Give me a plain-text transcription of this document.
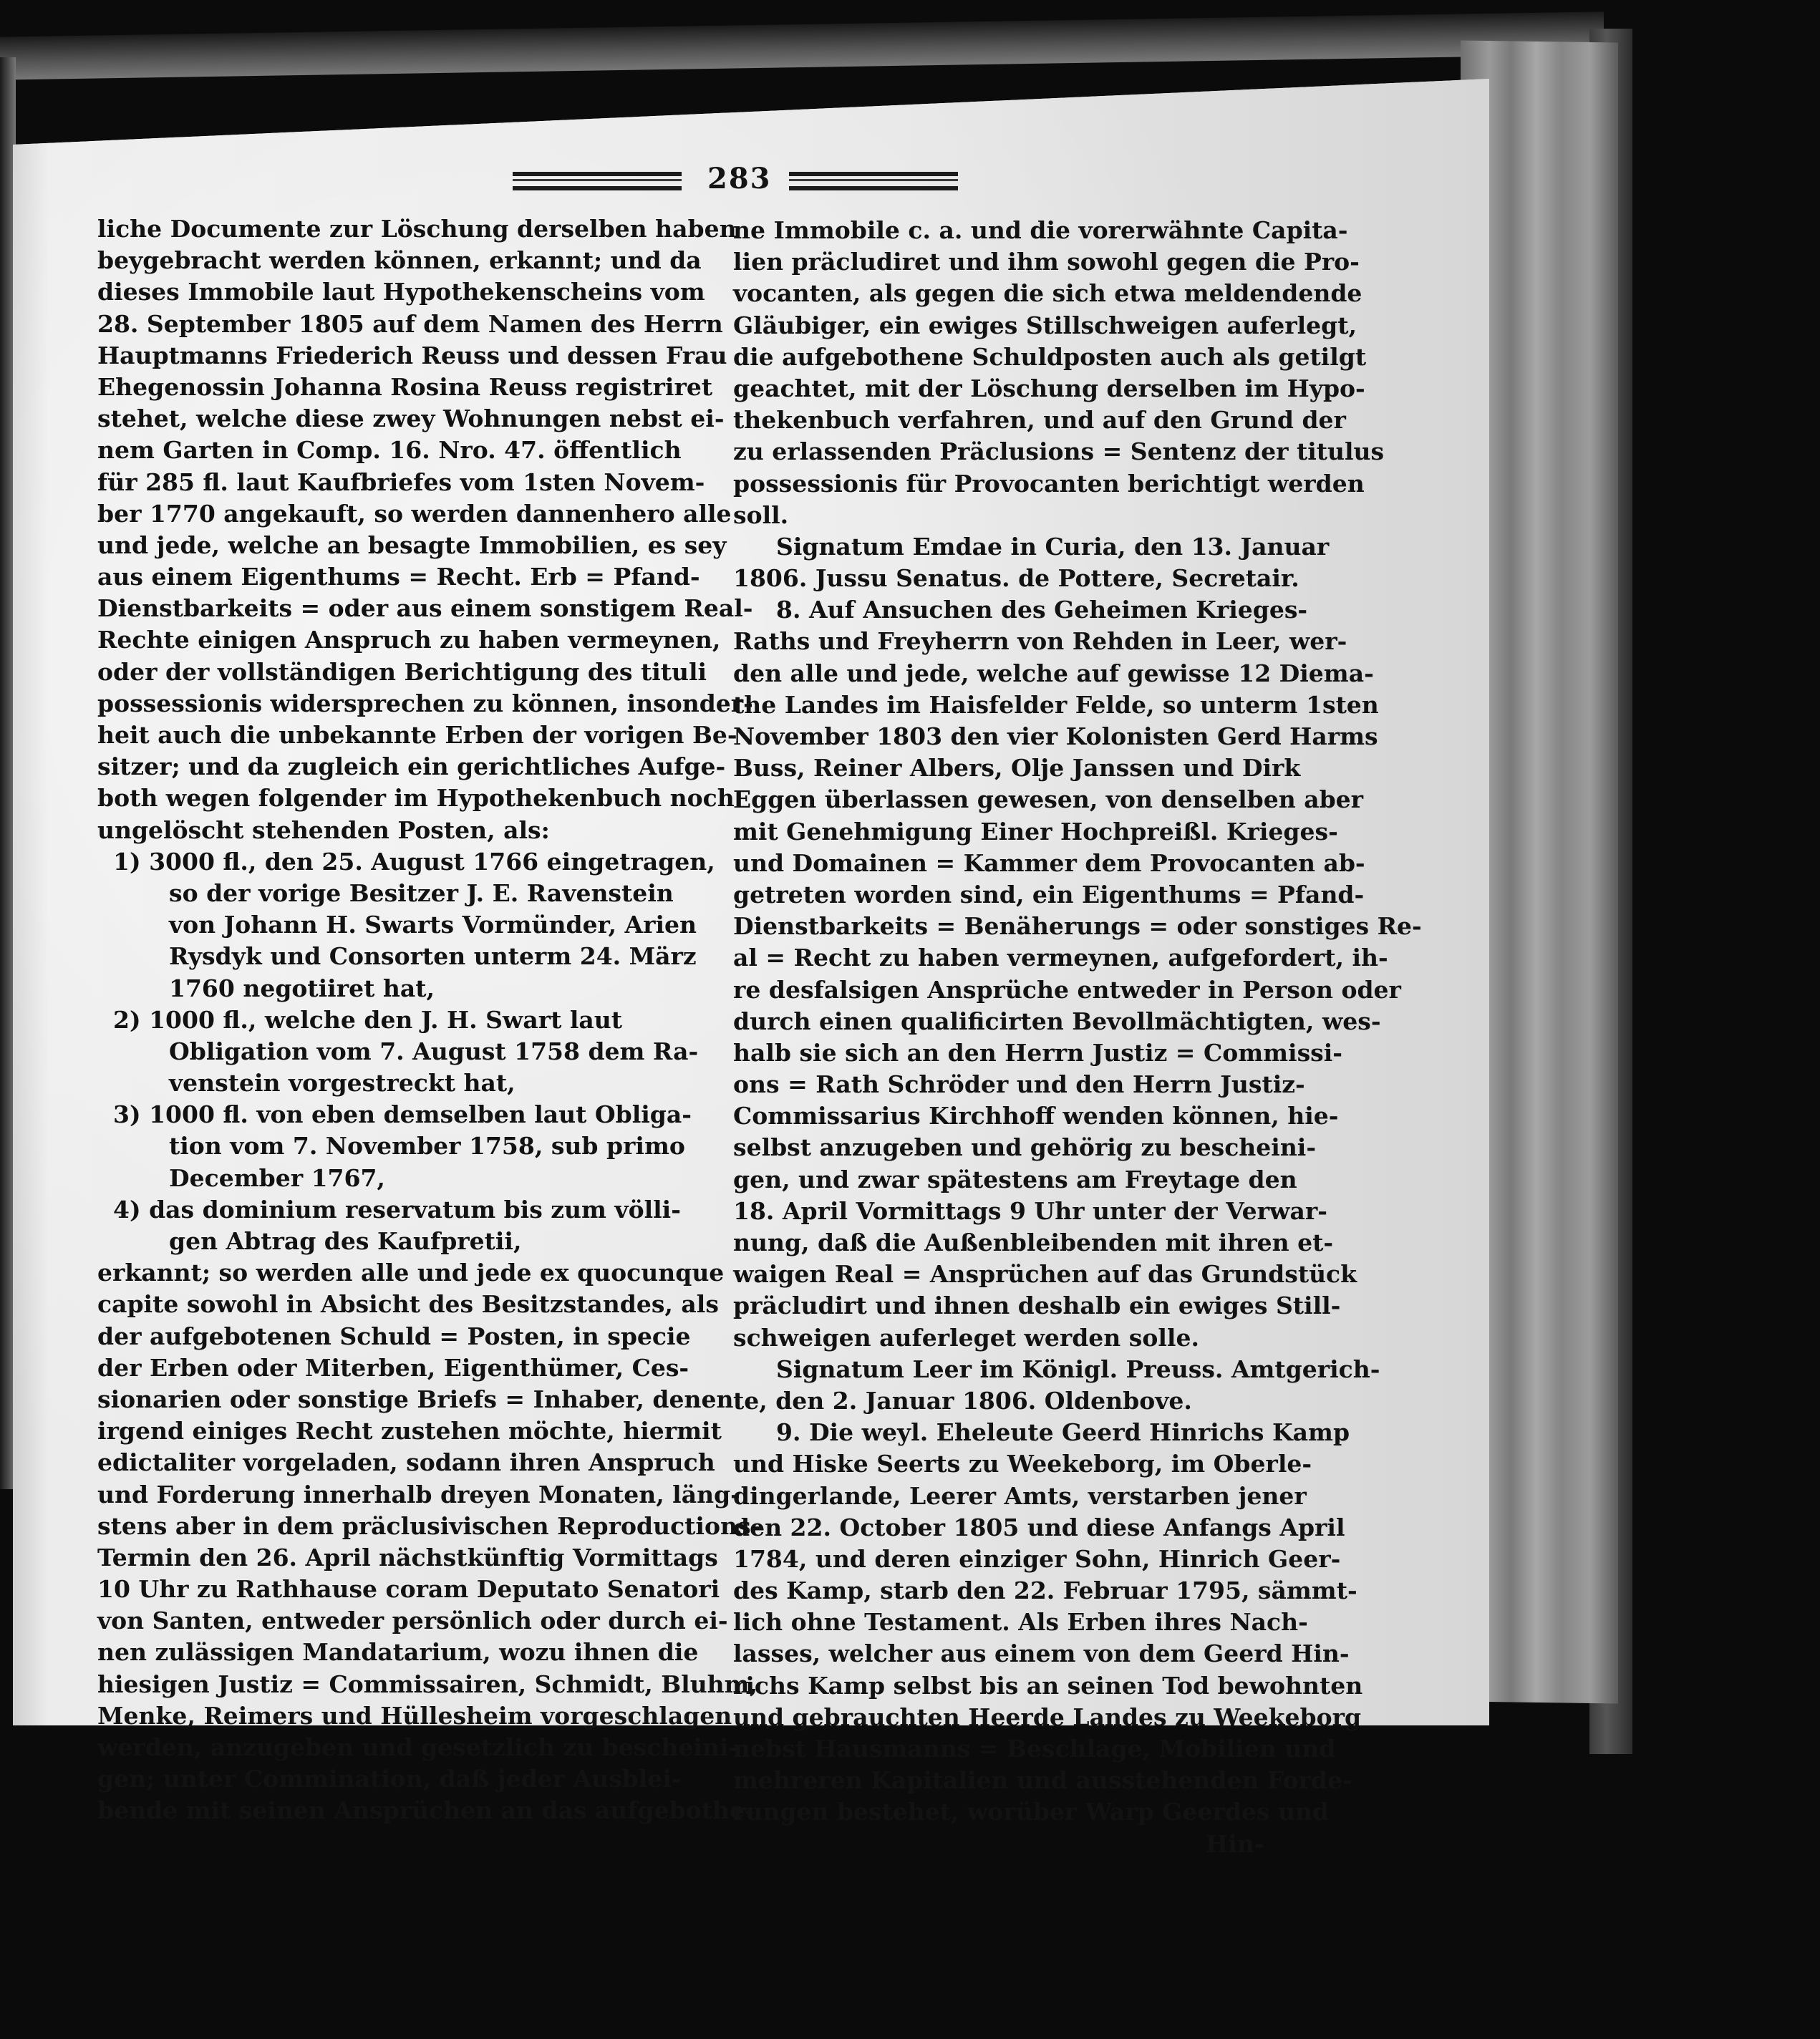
283
liche Documente zur Löschung derselben haben
beygebracht werden können, erkannt; und da
dieses Immobile laut Hypothekenscheins vom
28. September 1805 auf dem Namen des Herrn
Hauptmanns Friederich Reuss und dessen Frau
Ehegenossin Johanna Rosina Reuss registriret
stehet, welche diese zwey Wohnungen nebst ei-
nem Garten in Comp. 16. Nro. 47. öffentlich
für 285 fl. laut Kaufbriefes vom 1sten Novem-
ber 1770 angekauft, so werden dannenhero alle
und jede, welche an besagte Immobilien, es sey
aus einem Eigenthums = Recht. Erb = Pfand-
Dienstbarkeits = oder aus einem sonstigem Real-
Rechte einigen Anspruch zu haben vermeynen,
oder der vollständigen Berichtigung des tituli
possessionis widersprechen zu können, insonder-
heit auch die unbekannte Erben der vorigen Be-
sitzer; und da zugleich ein gerichtliches Aufge-
both wegen folgender im Hypothekenbuch noch
ungelöscht stehenden Posten, als:
1) 3000 fl., den 25. August 1766 eingetragen,
so der vorige Besitzer J. E. Ravenstein
von Johann H. Swarts Vormünder, Arien
Rysdyk und Consorten unterm 24. März
1760 negotiiret hat,
2) 1000 fl., welche den J. H. Swart laut
Obligation vom 7. August 1758 dem Ra-
venstein vorgestreckt hat,
3) 1000 fl. von eben demselben laut Obliga-
tion vom 7. November 1758, sub primo
December 1767,
4) das dominium reservatum bis zum völli-
gen Abtrag des Kaufpretii,
erkannt; so werden alle und jede ex quocunque
capite sowohl in Absicht des Besitzstandes, als
der aufgebotenen Schuld = Posten, in specie
der Erben oder Miterben, Eigenthümer, Ces-
sionarien oder sonstige Briefs = Inhaber, denen
irgend einiges Recht zustehen möchte, hiermit
edictaliter vorgeladen, sodann ihren Anspruch
und Forderung innerhalb dreyen Monaten, läng-
stens aber in dem präclusivischen Reproductions-
Termin den 26. April nächstkünftig Vormittags
10 Uhr zu Rathhause coram Deputato Senatori
von Santen, entweder persönlich oder durch ei-
nen zulässigen Mandatarium, wozu ihnen die
hiesigen Justiz = Commissairen, Schmidt, Bluhm,
Menke, Reimers und Hüllesheim vorgeschlagen
werden, anzugeben und gesetzlich zu bescheini-
gen; unter Commination, daß jeder Ausblei-
bende mit seinen Ansprüchen an das aufgebothe-
ne Immobile c. a. und die vorerwähnte Capita-
lien präcludiret und ihm sowohl gegen die Pro-
vocanten, als gegen die sich etwa meldendende
Gläubiger, ein ewiges Stillschweigen auferlegt,
die aufgebothene Schuldposten auch als getilgt
geachtet, mit der Löschung derselben im Hypo-
thekenbuch verfahren, und auf den Grund der
zu erlassenden Präclusions = Sentenz der titulus
possessionis für Provocanten berichtigt werden
soll.
Signatum Emdae in Curia, den 13. Januar
1806. Jussu Senatus. de Pottere, Secretair.
8. Auf Ansuchen des Geheimen Krieges-
Raths und Freyherrn von Rehden in Leer, wer-
den alle und jede, welche auf gewisse 12 Diema-
the Landes im Haisfelder Felde, so unterm 1sten
November 1803 den vier Kolonisten Gerd Harms
Buss, Reiner Albers, Olje Janssen und Dirk
Eggen überlassen gewesen, von denselben aber
mit Genehmigung Einer Hochpreißl. Krieges-
und Domainen = Kammer dem Provocanten ab-
getreten worden sind, ein Eigenthums = Pfand-
Dienstbarkeits = Benäherungs = oder sonstiges Re-
al = Recht zu haben vermeynen, aufgefordert, ih-
re desfalsigen Ansprüche entweder in Person oder
durch einen qualificirten Bevollmächtigten, wes-
halb sie sich an den Herrn Justiz = Commissi-
ons = Rath Schröder und den Herrn Justiz-
Commissarius Kirchhoff wenden können, hie-
selbst anzugeben und gehörig zu bescheini-
gen, und zwar spätestens am Freytage den
18. April Vormittags 9 Uhr unter der Verwar-
nung, daß die Außenbleibenden mit ihren et-
waigen Real = Ansprüchen auf das Grundstück
präcludirt und ihnen deshalb ein ewiges Still-
schweigen auferleget werden solle.
Signatum Leer im Königl. Preuss. Amtgerich-
te, den 2. Januar 1806. Oldenbove.
9. Die weyl. Eheleute Geerd Hinrichs Kamp
und Hiske Seerts zu Weekeborg, im Oberle-
dingerlande, Leerer Amts, verstarben jener
den 22. October 1805 und diese Anfangs April
1784, und deren einziger Sohn, Hinrich Geer-
des Kamp, starb den 22. Februar 1795, sämmt-
lich ohne Testament. Als Erben ihres Nach-
lasses, welcher aus einem von dem Geerd Hin-
richs Kamp selbst bis an seinen Tod bewohnten
und gebrauchten Heerde Landes zu Weekeborg
nebst Hausmanns = Beschlage, Mobilien und
mehreren Kapitalien und ausstehenden Forde-
rungen bestehet, worüber Warp Geerdes und
Hin-
